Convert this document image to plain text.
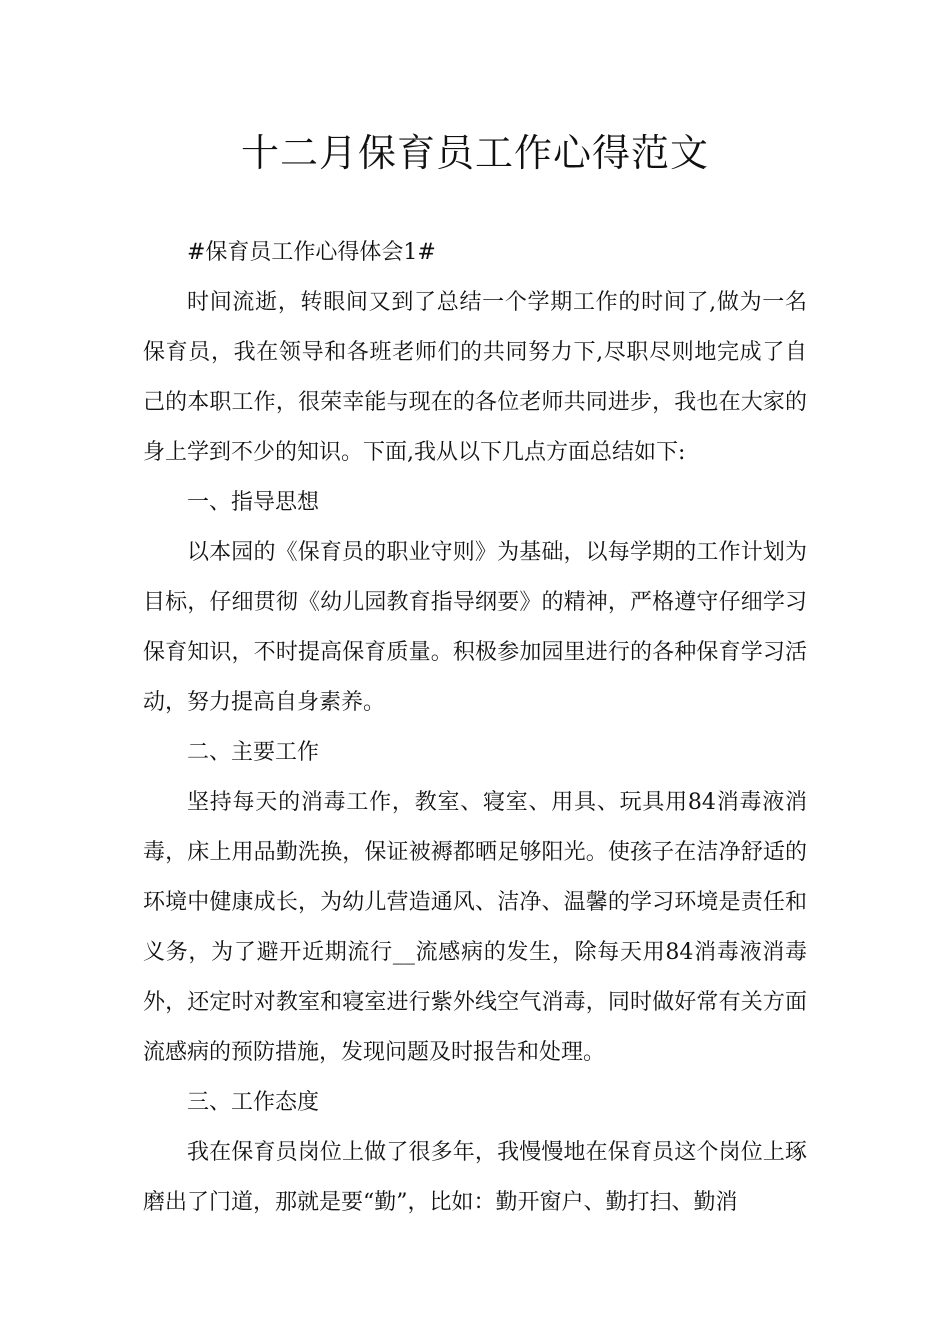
十二月保育员工作心得范文

#保育员工作心得体会1#

时间流逝，转眼间又到了总结一个学期工作的时间了,做为一名保育员，我在领导和各班老师们的共同努力下,尽职尽则地完成了自己的本职工作，很荣幸能与现在的各位老师共同进步，我也在大家的身上学到不少的知识。下面,我从以下几点方面总结如下:

一、指导思想

以本园的《保育员的职业守则》为基础，以每学期的工作计划为目标，仔细贯彻《幼儿园教育指导纲要》的精神，严格遵守仔细学习保育知识，不时提高保育质量。积极参加园里进行的各种保育学习活动，努力提高自身素养。

二、主要工作

坚持每天的消毒工作，教室、寝室、用具、玩具用84消毒液消毒，床上用品勤洗换，保证被褥都晒足够阳光。使孩子在洁净舒适的环境中健康成长，为幼儿营造通风、洁净、温馨的学习环境是责任和义务，为了避开近期流行__流感病的发生，除每天用84消毒液消毒外，还定时对教室和寝室进行紫外线空气消毒，同时做好常有关方面流感病的预防措施，发现问题及时报告和处理。

三、工作态度

我在保育员岗位上做了很多年，我慢慢地在保育员这个岗位上琢磨出了门道，那就是要“勤”，比如：勤开窗户、勤打扫、勤消
